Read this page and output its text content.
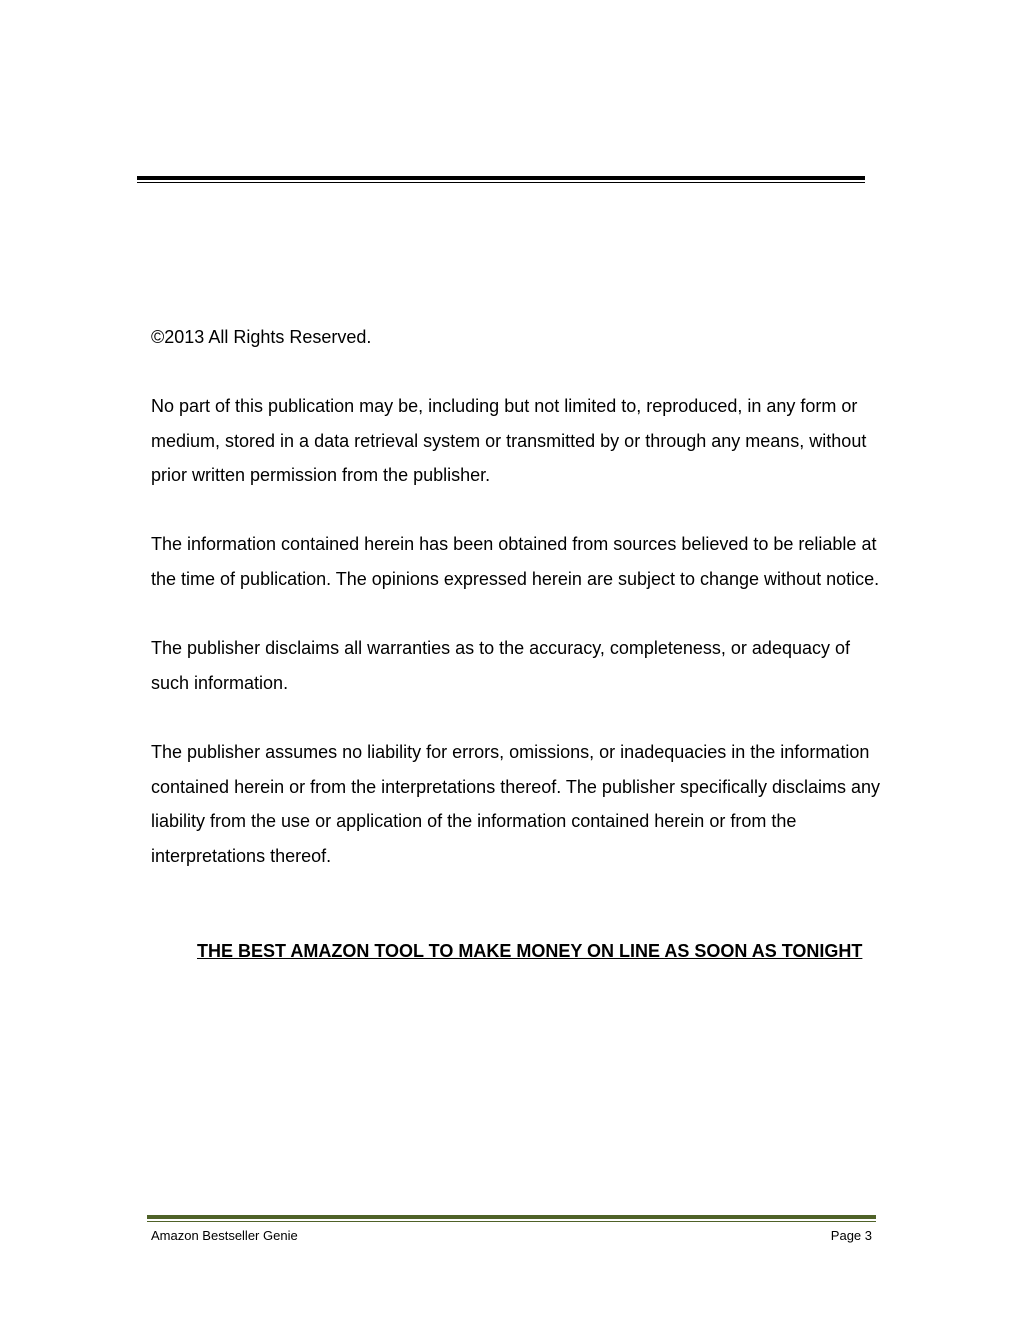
©2013 All Rights Reserved.

No part of this publication may be, including but not limited to, reproduced, in any form or medium, stored in a data retrieval system or transmitted by or through any means, without prior written permission from the publisher.

The information contained herein has been obtained from sources believed to be reliable at the time of publication. The opinions expressed herein are subject to change without notice.

The publisher disclaims all warranties as to the accuracy, completeness, or adequacy of such information.

The publisher assumes no liability for errors, omissions, or inadequacies in the information contained herein or from the interpretations thereof. The publisher specifically disclaims any liability from the use or application of the information contained herein or from the interpretations thereof.

THE BEST AMAZON TOOL TO MAKE MONEY ON LINE AS SOON AS TONIGHT

Amazon Bestseller Genie	Page 3
